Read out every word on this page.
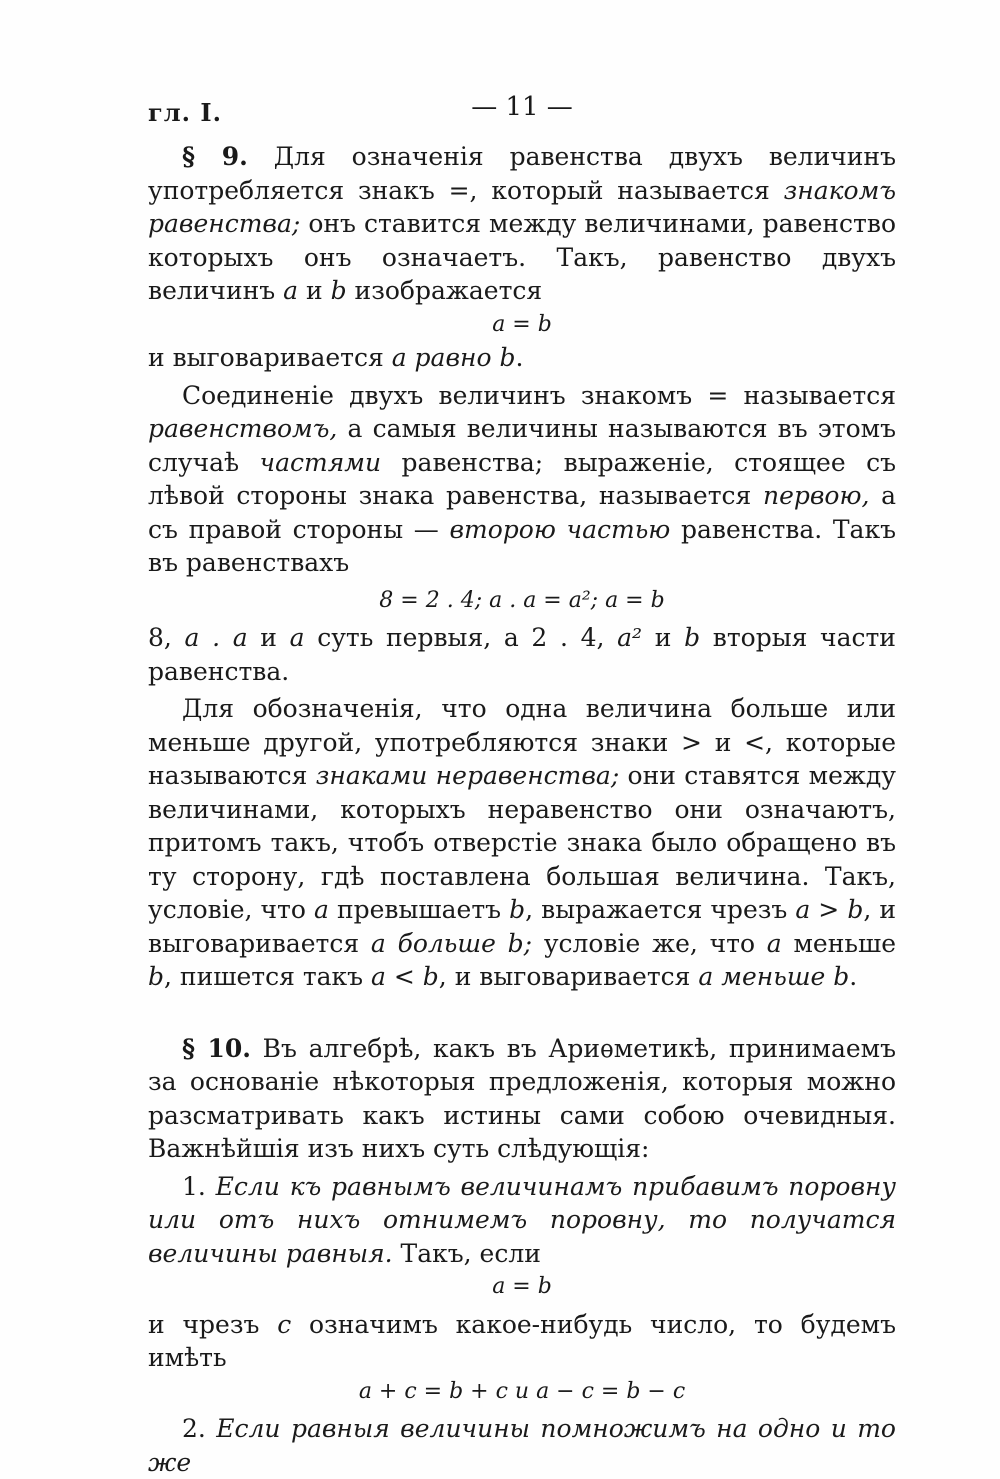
гл. I.	— 11 —

§ 9. Для означенія равенства двухъ величинъ употребляется знакъ =, который называется знакомъ равенства; онъ ставится между величинами, равенство которыхъ онъ означаетъ. Такъ, равенство двухъ величинъ a и b изображается

a = b

и выговаривается a равно b.

Соединеніе двухъ величинъ знакомъ = называется равенствомъ, а самыя величины называются въ этомъ случаѣ частями равенства; выраженіе, стоящее съ лѣвой стороны знака равенства, называется первою, а съ правой стороны — второю частью равенства. Такъ въ равенствахъ

8 = 2 . 4; a . a = a²; a = b

8, a . a и a суть первыя, а 2 . 4, a² и b вторыя части равенства.

Для обозначенія, что одна величина больше или меньше другой, употребляются знаки > и <, которые называются знаками неравенства; они ставятся между величинами, которыхъ неравенство они означаютъ, притомъ такъ, чтобъ отверстіе знака было обращено въ ту сторону, гдѣ поставлена большая величина. Такъ, условіе, что a превышаетъ b, выражается чрезъ a > b, и выговаривается a больше b; условіе же, что a меньше b, пишется такъ a < b, и выговаривается a меньше b.

§ 10. Въ алгебрѣ, какъ въ Ариѳметикѣ, принимаемъ за основаніе нѣкоторыя предложенія, которыя можно разсматривать какъ истины сами собою очевидныя. Важнѣйшія изъ нихъ суть слѣдующія:

1. Если къ равнымъ величинамъ прибавимъ поровну или отъ нихъ отнимемъ поровну, то получатся величины равныя. Такъ, если

a = b

и чрезъ c означимъ какое-нибудь число, то будемъ имѣть

a + c = b + c и a − c = b − c

2. Если равныя величины помножимъ на одно и то же
